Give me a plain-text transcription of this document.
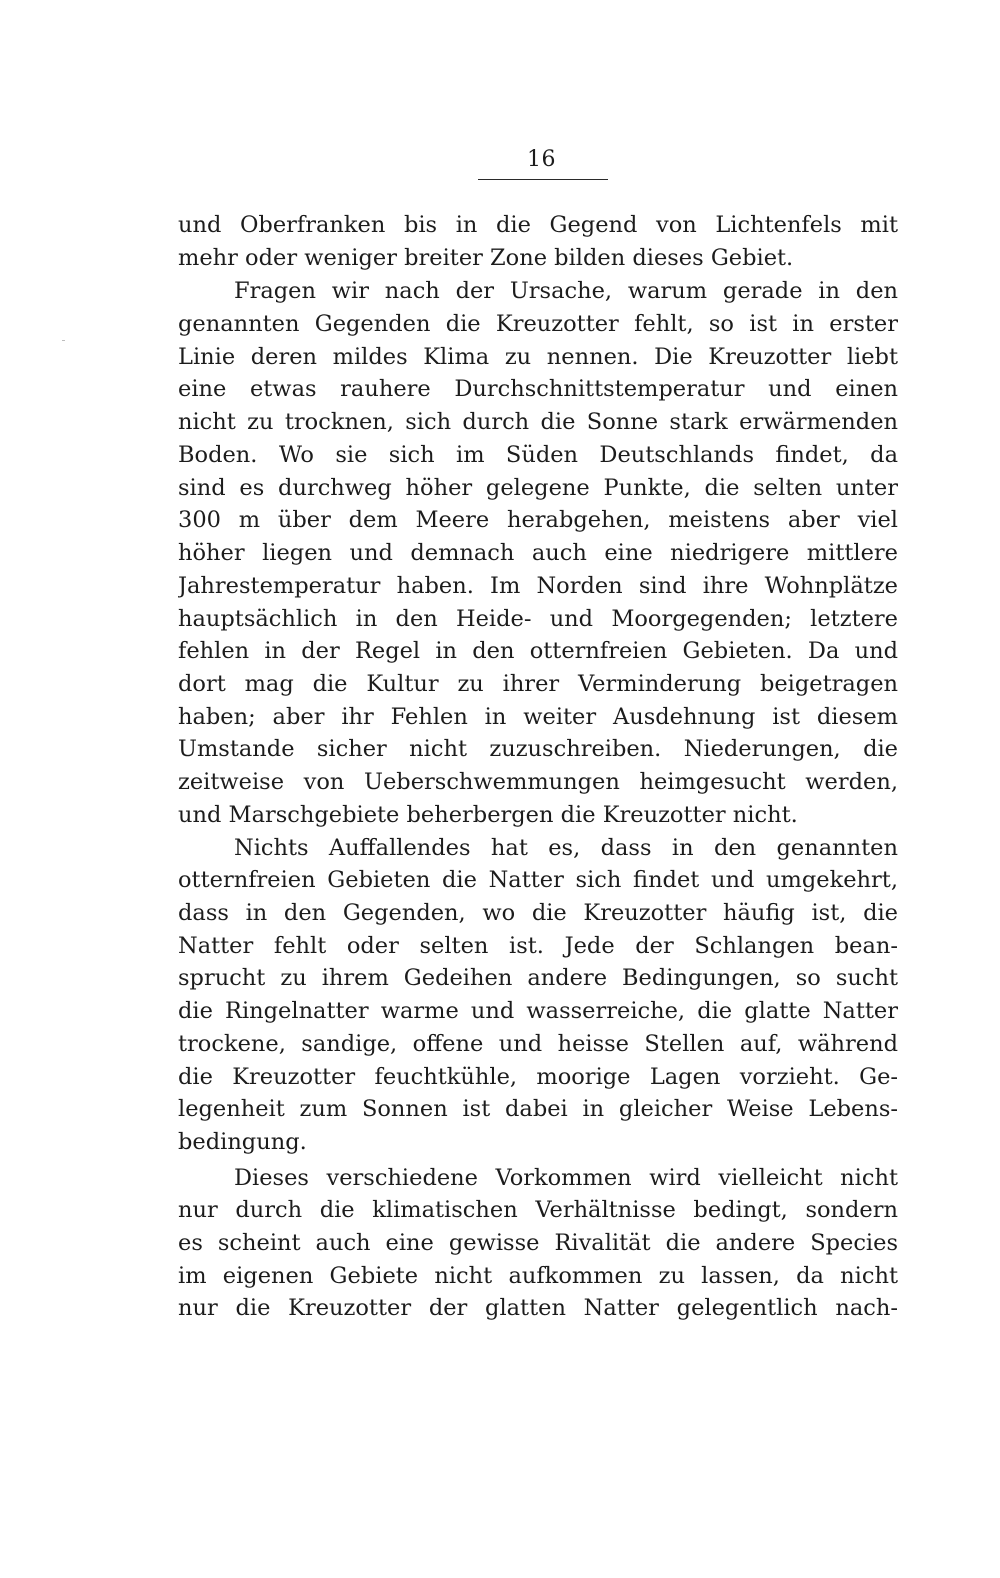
16
und Oberfranken bis in die Gegend von Lichtenfels mit
mehr oder weniger breiter Zone bilden dieses Gebiet.
Fragen wir nach der Ursache, warum gerade in den
genannten Gegenden die Kreuzotter fehlt, so ist in erster
Linie deren mildes Klima zu nennen. Die Kreuzotter liebt
eine etwas rauhere Durchschnittstemperatur und einen
nicht zu trocknen, sich durch die Sonne stark erwärmenden
Boden. Wo sie sich im Süden Deutschlands findet, da
sind es durchweg höher gelegene Punkte, die selten unter
300 m über dem Meere herabgehen, meistens aber viel
höher liegen und demnach auch eine niedrigere mittlere
Jahrestemperatur haben. Im Norden sind ihre Wohnplätze
hauptsächlich in den Heide- und Moorgegenden; letztere
fehlen in der Regel in den otternfreien Gebieten. Da und
dort mag die Kultur zu ihrer Verminderung beigetragen
haben; aber ihr Fehlen in weiter Ausdehnung ist diesem
Umstande sicher nicht zuzuschreiben. Niederungen, die
zeitweise von Ueberschwemmungen heimgesucht werden,
und Marschgebiete beherbergen die Kreuzotter nicht.
Nichts Auffallendes hat es, dass in den genannten
otternfreien Gebieten die Natter sich findet und umgekehrt,
dass in den Gegenden, wo die Kreuzotter häufig ist, die
Natter fehlt oder selten ist. Jede der Schlangen bean-
sprucht zu ihrem Gedeihen andere Bedingungen, so sucht
die Ringelnatter warme und wasserreiche, die glatte Natter
trockene, sandige, offene und heisse Stellen auf, während
die Kreuzotter feuchtkühle, moorige Lagen vorzieht. Ge-
legenheit zum Sonnen ist dabei in gleicher Weise Lebens-
bedingung.
Dieses verschiedene Vorkommen wird vielleicht nicht
nur durch die klimatischen Verhältnisse bedingt, sondern
es scheint auch eine gewisse Rivalität die andere Species
im eigenen Gebiete nicht aufkommen zu lassen, da nicht
nur die Kreuzotter der glatten Natter gelegentlich nach-
